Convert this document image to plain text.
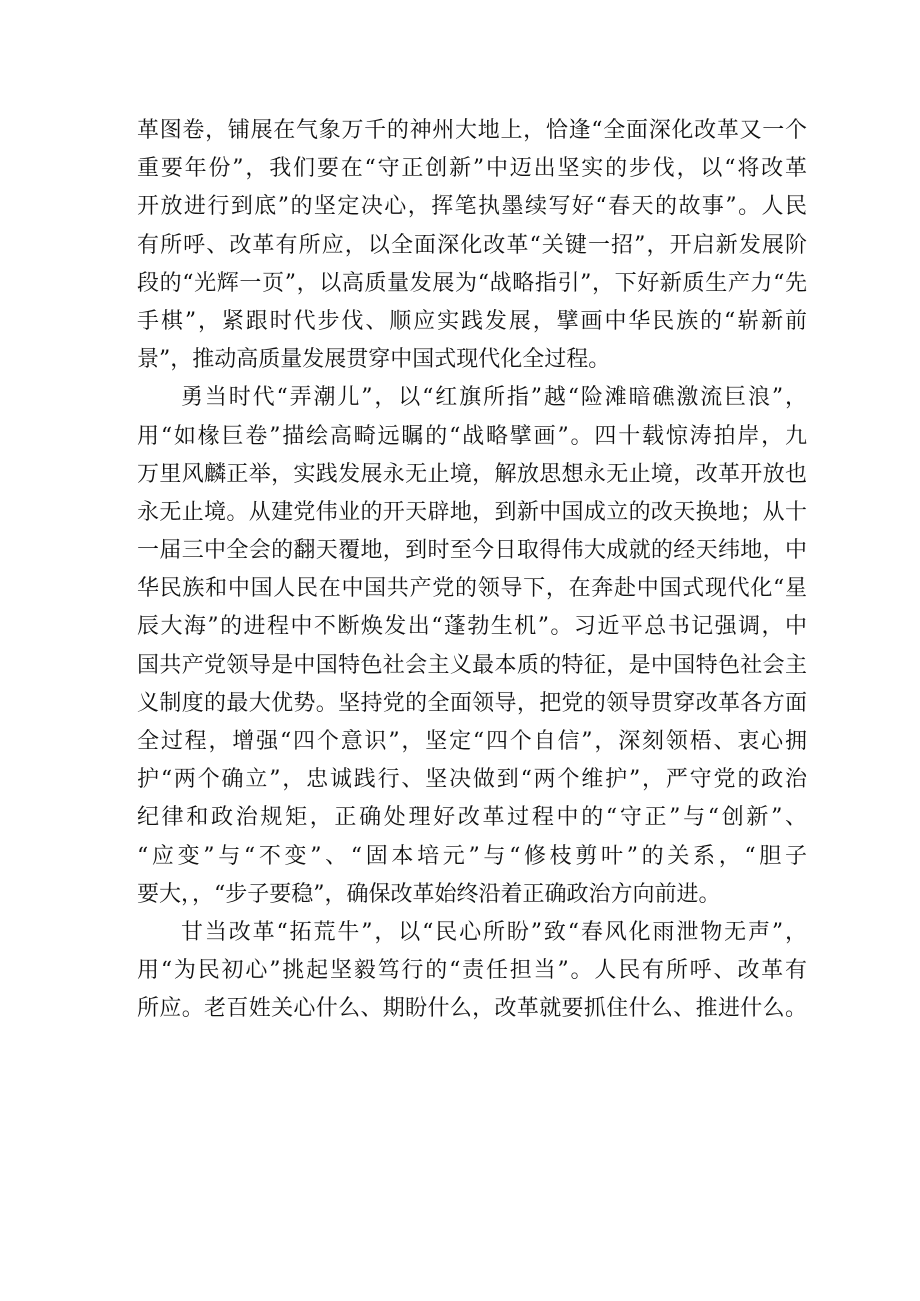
革图卷，铺展在气象万千的神州大地上，恰逢“全面深化改革又一个
重要年份”，我们要在“守正创新”中迈出坚实的步伐，以“将改革
开放进行到底”的坚定决心，挥笔执墨续写好“春天的故事”。人民
有所呼、改革有所应，以全面深化改革“关键一招”，开启新发展阶
段的“光辉一页”，以高质量发展为“战略指引”，下好新质生产力“先
手棋”，紧跟时代步伐、顺应实践发展，擘画中华民族的“崭新前
景”，推动高质量发展贯穿中国式现代化全过程。
勇当时代“弄潮儿”，以“红旗所指”越“险滩暗礁激流巨浪”，
用“如椽巨卷”描绘高畸远瞩的“战略擘画”。四十载惊涛拍岸，九
万里风麟正举，实践发展永无止境，解放思想永无止境，改革开放也
永无止境。从建党伟业的开天辟地，到新中国成立的改天换地；从十
一届三中全会的翻天覆地，到时至今日取得伟大成就的经天纬地，中
华民族和中国人民在中国共产党的领导下，在奔赴中国式现代化“星
辰大海”的进程中不断焕发出“蓬勃生机”。习近平总书记强调，中
国共产党领导是中国特色社会主义最本质的特征，是中国特色社会主
义制度的最大优势。坚持党的全面领导，把党的领导贯穿改革各方面
全过程，增强“四个意识”，坚定“四个自信”，深刻领梧、衷心拥
护“两个确立”，忠诚践行、坚决做到“两个维护”，严守党的政治
纪律和政治规矩，正确处理好改革过程中的“守正”与“创新”、
“应变”与“不变”、“固本培元”与“修枝剪叶”的关系，“胆子
要大，，“步子要稳”，确保改革始终沿着正确政治方向前进。
甘当改革“拓荒牛”，以“民心所盼”致“春风化雨泄物无声”，
用“为民初心”挑起坚毅笃行的“责任担当”。人民有所呼、改革有
所应。老百姓关心什么、期盼什么，改革就要抓住什么、推进什么。
